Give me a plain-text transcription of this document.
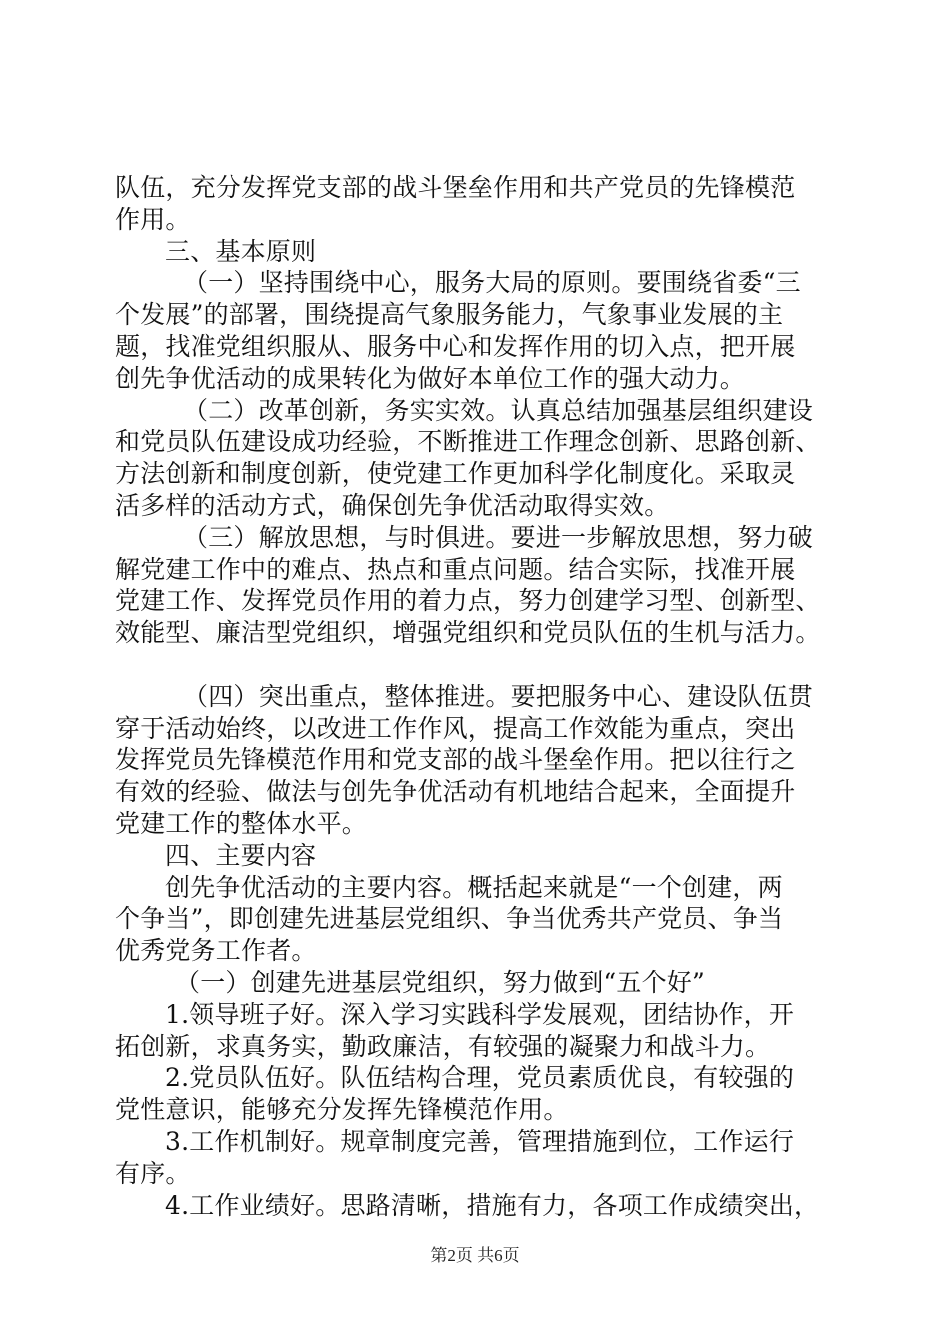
队伍，充分发挥党支部的战斗堡垒作用和共产党员的先锋模范
作用。
三、基本原则
（一）坚持围绕中心，服务大局的原则。要围绕省委“三
个发展”的部署，围绕提高气象服务能力，气象事业发展的主
题，找准党组织服从、服务中心和发挥作用的切入点，把开展
创先争优活动的成果转化为做好本单位工作的强大动力。
（二）改革创新，务实实效。认真总结加强基层组织建设
和党员队伍建设成功经验，不断推进工作理念创新、思路创新、
方法创新和制度创新，使党建工作更加科学化制度化。采取灵
活多样的活动方式，确保创先争优活动取得实效。
（三）解放思想，与时俱进。要进一步解放思想，努力破
解党建工作中的难点、热点和重点问题。结合实际，找准开展
党建工作、发挥党员作用的着力点，努力创建学习型、创新型、
效能型、廉洁型党组织，增强党组织和党员队伍的生机与活力。
（四）突出重点，整体推进。要把服务中心、建设队伍贯
穿于活动始终，以改进工作作风，提高工作效能为重点，突出
发挥党员先锋模范作用和党支部的战斗堡垒作用。把以往行之
有效的经验、做法与创先争优活动有机地结合起来，全面提升
党建工作的整体水平。
四、主要内容
创先争优活动的主要内容。概括起来就是“一个创建，两
个争当”，即创建先进基层党组织、争当优秀共产党员、争当
优秀党务工作者。
（一）创建先进基层党组织，努力做到“五个好”
1.领导班子好。深入学习实践科学发展观，团结协作，开
拓创新，求真务实，勤政廉洁，有较强的凝聚力和战斗力。
2.党员队伍好。队伍结构合理，党员素质优良，有较强的
党性意识，能够充分发挥先锋模范作用。
3.工作机制好。规章制度完善，管理措施到位，工作运行
有序。
4.工作业绩好。思路清晰，措施有力，各项工作成绩突出，
第2页 共6页
